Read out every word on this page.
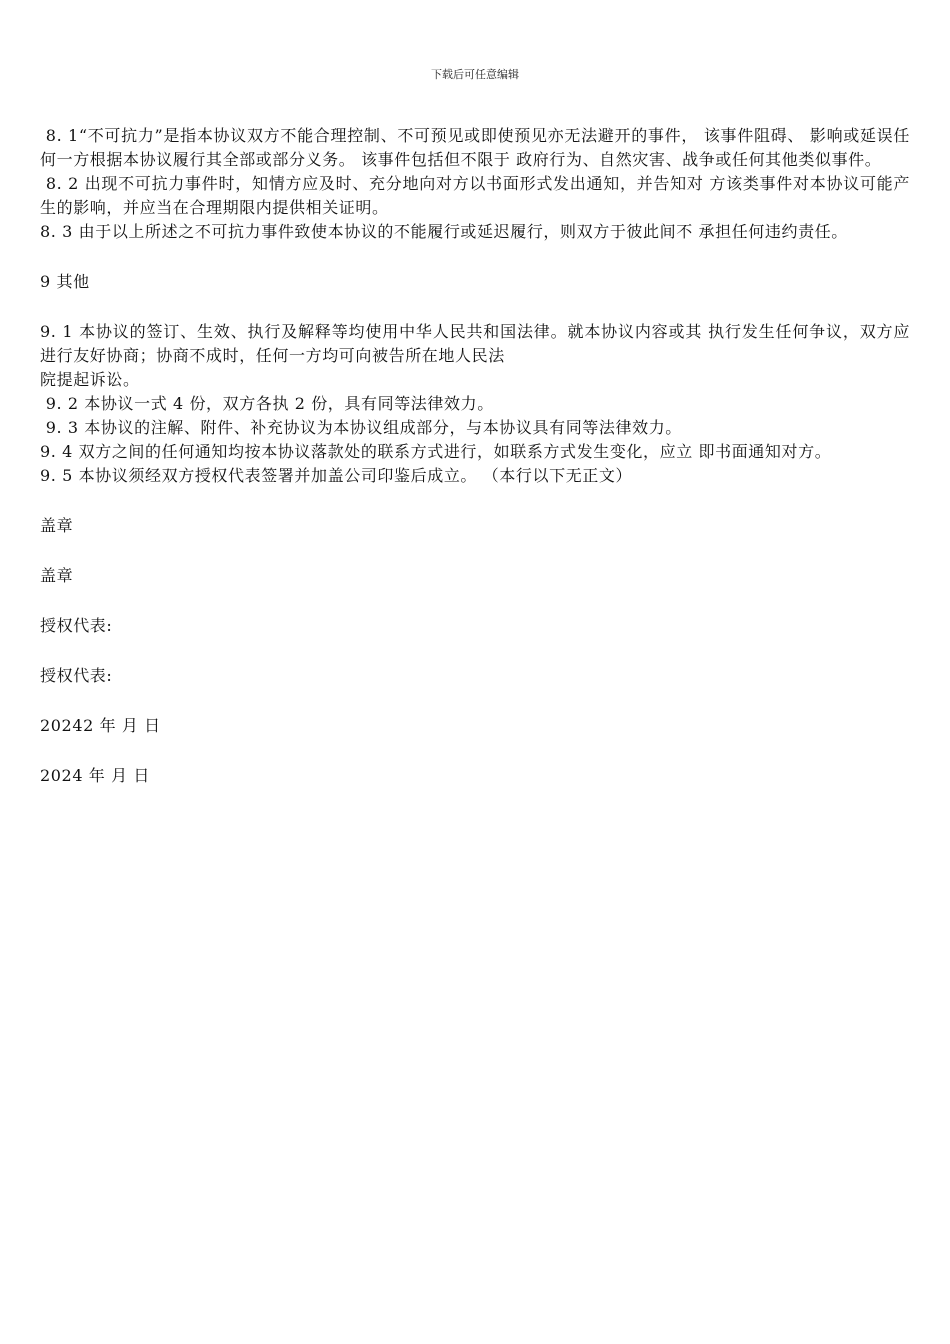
下载后可任意编辑

8. 1“不可抗力”是指本协议双方不能合理控制、不可预见或即使预见亦无法避开的事件， 该事件阻碍、 影响或延误任何一方根据本协议履行其全部或部分义务。 该事件包括但不限于 政府行为、自然灾害、战争或任何其他类似事件。

8. 2 出现不可抗力事件时，知情方应及时、充分地向对方以书面形式发出通知，并告知对 方该类事件对本协议可能产生的影响，并应当在合理期限内提供相关证明。

8. 3 由于以上所述之不可抗力事件致使本协议的不能履行或延迟履行，则双方于彼此间不 承担任何违约责任。

9 其他

9. 1 本协议的签订、生效、执行及解释等均使用中华人民共和国法律。就本协议内容或其 执行发生任何争议，双方应进行友好协商；协商不成时，任何一方均可向被告所在地人民法

院提起诉讼。

9. 2 本协议一式 4 份，双方各执 2 份，具有同等法律效力。

9. 3 本协议的注解、附件、补充协议为本协议组成部分，与本协议具有同等法律效力。

9. 4 双方之间的任何通知均按本协议落款处的联系方式进行，如联系方式发生变化，应立 即书面通知对方。

9. 5 本协议须经双方授权代表签署并加盖公司印鉴后成立。 （本行以下无正文）

盖章

盖章

授权代表:

授权代表:

20242 年 月 日

2024 年 月 日
